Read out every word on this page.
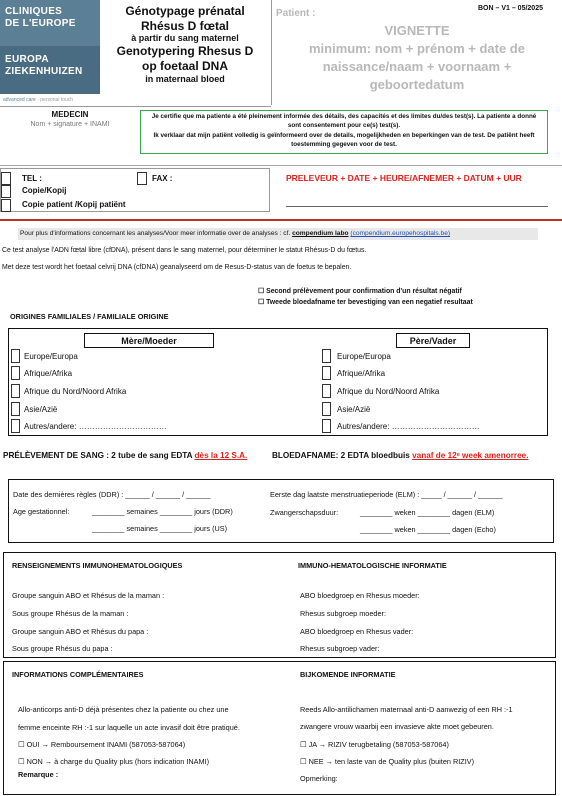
CLINIQUES
DE L'EUROPE
EUROPA
ZIEKENHUIZEN
advanced care · personal touch
Génotypage prénatal
Rhésus D fœtal
à partir du sang maternel
Genotypering Rhesus D
op foetaal DNA
in maternaal bloed
BON – V1 – 05/2025
Patient :
VIGNETTE
minimum: nom + prénom + date de
naissance/naam + voornaam +
geboortedatum
MEDECIN
Nom + signature + INAMI
Je certifie que ma patiente a été pleinement informée des détails, des capacités et des limites du/des test(s). La patiente a donné sont consentement pour ce(s) test(s).
Ik verklaar dat mijn patiënt volledig is geïnformeerd over de details, mogelijkheden en beperkingen van de test. De patiënt heeft toestemming gegeven voor de test.
TEL :	FAX :
Copie/Kopij
Copie patient /Kopij patiënt
PRELEVEUR + DATE + HEURE/AFNEMER + DATUM + UUR
Pour plus d'informations concernant les analyses/Voor meer informatie over de analyses : cf. compendium labo (compendium.europehospitals.be)
Ce test analyse l'ADN fœtal libre (cfDNA), présent dans le sang maternel, pour déterminer le statut Rhésus-D du fœtus.
Met deze test wordt het foetaal celvrij DNA (cfDNA) geanalyseerd om de Resus-D-status van de foetus te bepalen.
☐ Second prélèvement pour confirmation d'un résultat négatif
☐ Tweede bloedafname ter bevestiging van een negatief resultaat
ORIGINES FAMILIALES / FAMILIALE ORIGINE
Mère/Moeder	Père/Vader
Europe/Europa
Afrique/Afrika
Afrique du Nord/Noord Afrika
Asie/Azië
Autres/andere: ……………………………
Europe/Europa
Afrique/Afrika
Afrique du Nord/Noord Afrika
Asie/Azië
Autres/andere: ……………………………
PRÉLÈVEMENT DE SANG : 2 tube de sang EDTA dès la 12 S.A.	BLOEDAFNAME: 2 EDTA bloedbuis vanaf de 12ᵉ week amenorree.
Date des dernières règles (DDR) : ______ / ______ / ______	Eerste dag laatste menstruatieperiode (ELM) : _____ / ______ / ______
Age gestationnel:	________ semaines ________ jours (DDR)
________ semaines ________ jours (US)
Zwangerschapsduur:	________ weken ________ dagen (ELM)
________ weken ________ dagen (Echo)
RENSEIGNEMENTS IMMUNOHEMATOLOGIQUES	IMMUNO-HEMATOLOGISCHE INFORMATIE
Groupe sanguin ABO et Rhésus de la maman :
Sous groupe Rhésus de la maman :
Groupe sanguin ABO et Rhésus du papa :
Sous groupe Rhésus du papa :
ABO bloedgroep en Rhesus moeder:
Rhesus subgroep moeder:
ABO bloedgroep en Rhesus vader:
Rhesus subgroep vader:
INFORMATIONS COMPLÉMENTAIRES	BIJKOMENDE INFORMATIE
Allo-anticorps anti-D déjà présentes chez la patiente ou chez une
femme enceinte RH :-1 sur laquelle un acte invasif doit être pratiqué.
☐ OUI → Remboursement INAMI (587053-587064)
☐ NON → à charge du Quality plus (hors indication INAMI)
Remarque :
Reeds Allo-antilichamen maternaal anti-D aanwezig of een RH :-1
zwangere vrouw waarbij een invasieve akte moet gebeuren.
☐ JA → RIZIV terugbetaling (587053-587064)
☐ NEE → ten laste van de Quality plus (buiten RIZIV)
Opmerking:
